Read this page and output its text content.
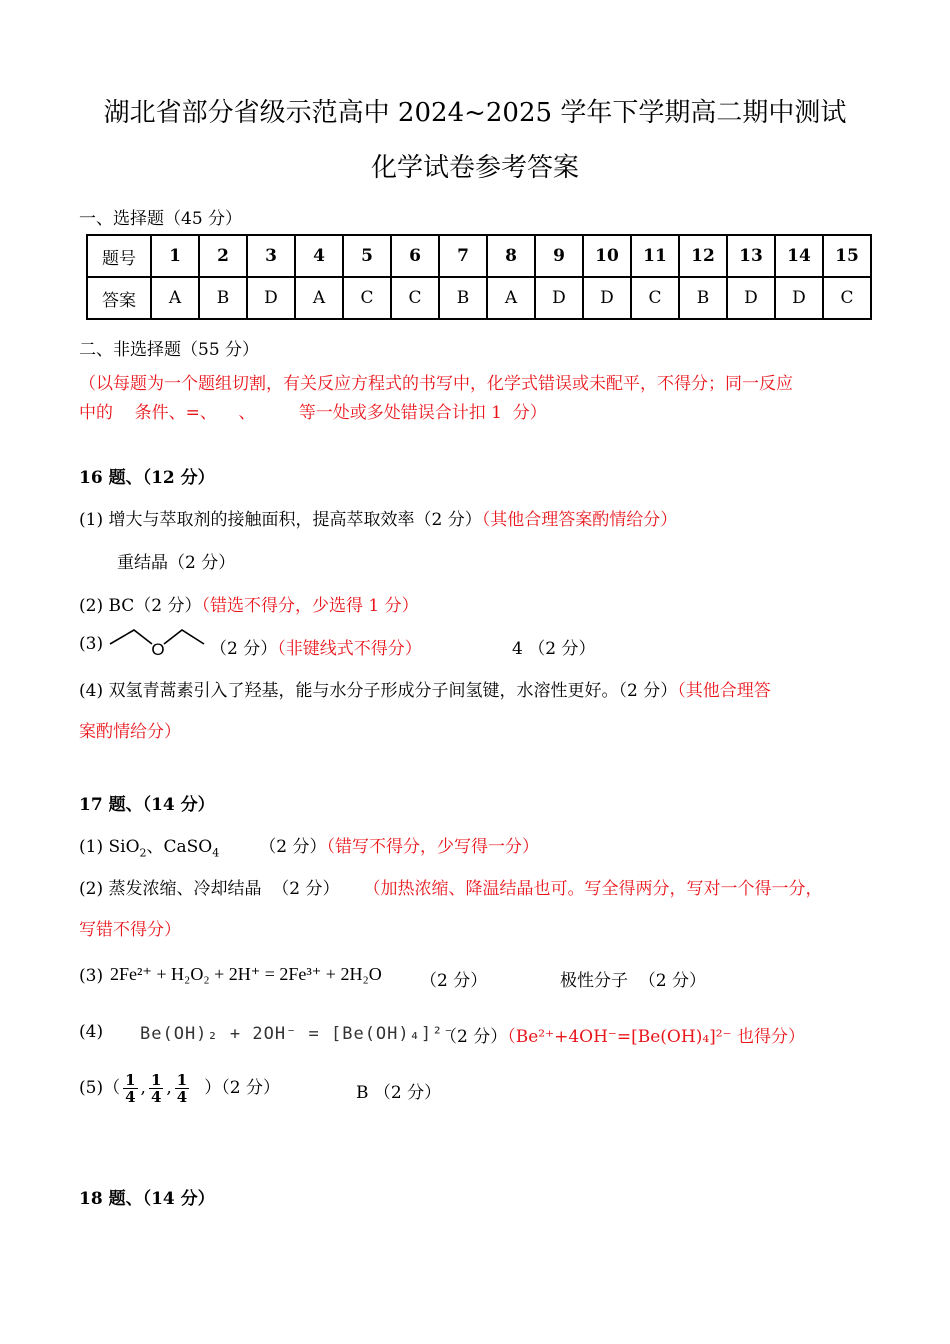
湖北省部分省级示范高中 2024~2025 学年下学期高二期中测试
化学试卷参考答案
一、选择题（45 分）
题号	1	2	3	4	5	6	7	8	9	10	11	12	13	14	15
答案	A	B	D	A	C	C	B	A	D	D	C	B	D	D	C
二、非选择题（55 分）
（以每题为一个题组切割，有关反应方程式的书写中，化学式错误或未配平，不得分；同一反应
中的    条件、=、    、        等一处或多处错误合计扣 1  分）
16 题、（12 分）
(1) 增大与萃取剂的接触面积，提高萃取效率（2 分）（其他合理答案酌情给分）
重结晶（2 分）
(2) BC（2 分）（错选不得分，少选得 1 分）
(3)	O	（2 分）（非键线式不得分）	4 （2 分）
(4) 双氢青蒿素引入了羟基，能与水分子形成分子间氢键，水溶性更好。（2 分）（其他合理答
案酌情给分）
17 题、（14 分）
(1) SiO$_2$、CaSO$_4$ （2 分）（错写不得分，少写得一分）
(2) 蒸发浓缩、冷却结晶  （2 分） （加热浓缩、降温结晶也可。写全得两分，写对一个得一分，
写错不得分）
(3) 2Fe²⁺ + H₂O₂ + 2H⁺ = 2Fe³⁺ + 2H₂O （2 分）	极性分子  （2 分）
(4) Be(OH)₂ + 2OH⁻ = [Be(OH)₄]²⁻
（2 分）（Be²⁺+4OH⁻=[Be(OH)₄]²⁻ 也得分）
$(5)( \frac{1}{4}$ , $\frac{1}{4}$ , $\frac{1}{4} )(2$ 分）	B （2 分）
18 题、（14 分）
